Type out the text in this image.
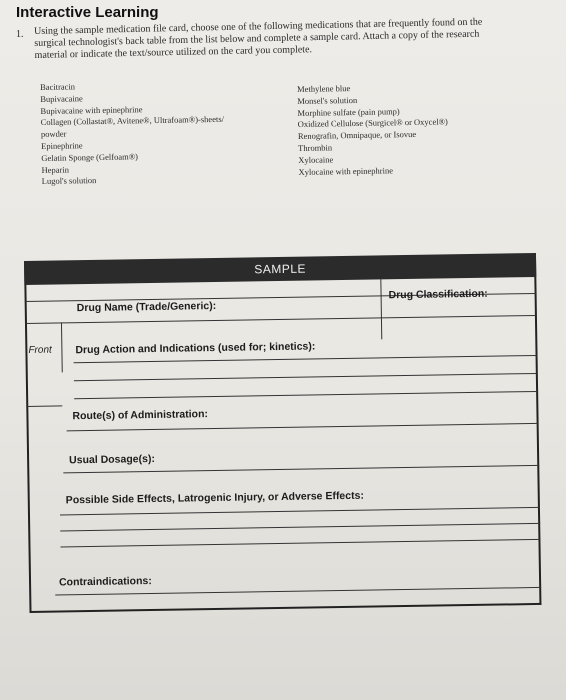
Interactive Learning
1. Using the sample medication file card, choose one of the following medications that are frequently found on the surgical technologist's back table from the list below and complete a sample card. Attach a copy of the research material or indicate the text/source utilized on the card you complete.
Bacitracin
Bupivacaine
Bupivacaine with epinephrine
Collagen (Collastat®, Avitene®, Ultrafoam®)-sheets/
powder
Epinephrine
Gelatin Sponge (Gelfoam®)
Heparin
Lugol's solution
Methylene blue
Monsel's solution
Morphine sulfate (pain pump)
Oxidized Cellulose (Surgicel® or Oxycel®)
Renografin, Omnipaque, or Isovue
Thrombin
Xylocaine
Xylocaine with epinephrine
SAMPLE
Drug Name (Trade/Generic):
Drug Classification:
Front Drug Action and Indications (used for; kinetics):
Route(s) of Administration:
Usual Dosage(s):
Possible Side Effects, Latrogenic Injury, or Adverse Effects:
Contraindications:
